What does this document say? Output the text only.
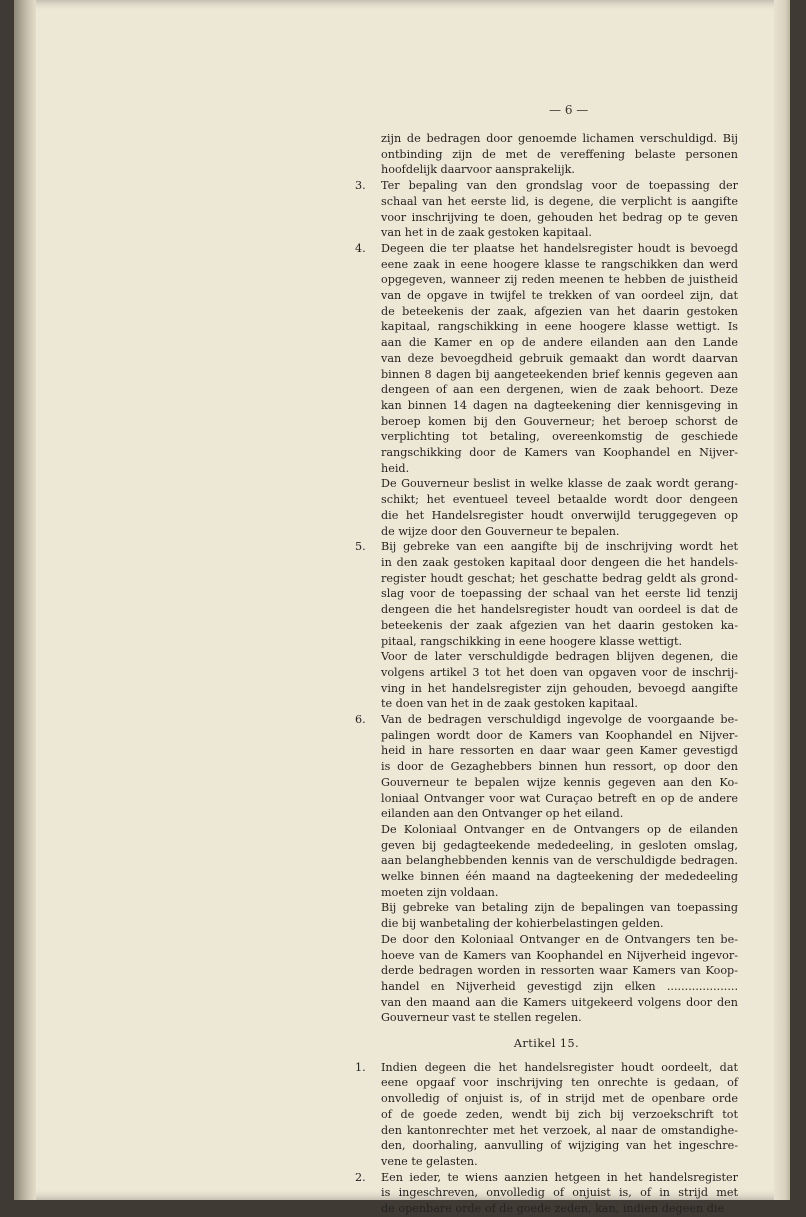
— 6 —
zijn de bedragen door genoemde lichamen verschuldigd. Bij
ontbinding zijn de met de vereffening belaste personen
hoofdelijk daarvoor aansprakelijk.
3. Ter bepaling van den grondslag voor de toepassing der
schaal van het eerste lid, is degene, die verplicht is aangifte
voor inschrijving te doen, gehouden het bedrag op te geven
van het in de zaak gestoken kapitaal.
4. Degeen die ter plaatse het handelsregister houdt is bevoegd
eene zaak in eene hoogere klasse te rangschikken dan werd
opgegeven, wanneer zij reden meenen te hebben de juistheid
van de opgave in twijfel te trekken of van oordeel zijn, dat
de beteekenis der zaak, afgezien van het daarin gestoken
kapitaal, rangschikking in eene hoogere klasse wettigt. Is
aan die Kamer en op de andere eilanden aan den Lande
van deze bevoegdheid gebruik gemaakt dan wordt daarvan
binnen 8 dagen bij aangeteekenden brief kennis gegeven aan
dengeen of aan een dergenen, wien de zaak behoort. Deze
kan binnen 14 dagen na dagteekening dier kennisgeving in
beroep komen bij den Gouverneur; het beroep schorst de
verplichting tot betaling, overeenkomstig de geschiede
rangschikking door de Kamers van Koophandel en Nijver-
heid.
De Gouverneur beslist in welke klasse de zaak wordt gerang-
schikt; het eventueel teveel betaalde wordt door dengeen
die het Handelsregister houdt onverwijld teruggegeven op
de wijze door den Gouverneur te bepalen.
5. Bij gebreke van een aangifte bij de inschrijving wordt het
in den zaak gestoken kapitaal door dengeen die het handels-
register houdt geschat; het geschatte bedrag geldt als grond-
slag voor de toepassing der schaal van het eerste lid tenzij
dengeen die het handelsregister houdt van oordeel is dat de
beteekenis der zaak afgezien van het daarin gestoken ka-
pitaal, rangschikking in eene hoogere klasse wettigt.
Voor de later verschuldigde bedragen blijven degenen, die
volgens artikel 3 tot het doen van opgaven voor de inschrij-
ving in het handelsregister zijn gehouden, bevoegd aangifte
te doen van het in de zaak gestoken kapitaal.
6. Van de bedragen verschuldigd ingevolge de voorgaande be-
palingen wordt door de Kamers van Koophandel en Nijver-
heid in hare ressorten en daar waar geen Kamer gevestigd
is door de Gezaghebbers binnen hun ressort, op door den
Gouverneur te bepalen wijze kennis gegeven aan den Ko-
loniaal Ontvanger voor wat Curaçao betreft en op de andere
eilanden aan den Ontvanger op het eiland.
De Koloniaal Ontvanger en de Ontvangers op de eilanden
geven bij gedagteekende mededeeling, in gesloten omslag,
aan belanghebbenden kennis van de verschuldigde bedragen.
welke binnen één maand na dagteekening der mededeeling
moeten zijn voldaan.
Bij gebreke van betaling zijn de bepalingen van toepassing
die bij wanbetaling der kohierbelastingen gelden.
De door den Koloniaal Ontvanger en de Ontvangers ten be-
hoeve van de Kamers van Koophandel en Nijverheid ingevor-
derde bedragen worden in ressorten waar Kamers van Koop-
handel en Nijverheid gevestigd zijn elken ....................
van den maand aan die Kamers uitgekeerd volgens door den
Gouverneur vast te stellen regelen.
Artikel 15.
1. Indien degeen die het handelsregister houdt oordeelt, dat
eene opgaaf voor inschrijving ten onrechte is gedaan, of
onvolledig of onjuist is, of in strijd met de openbare orde
of de goede zeden, wendt bij zich bij verzoekschrift tot
den kantonrechter met het verzoek, al naar de omstandighe-
den, doorhaling, aanvulling of wijziging van het ingeschre-
vene te gelasten.
2. Een ieder, te wiens aanzien hetgeen in het handelsregister
is ingeschreven, onvolledig of onjuist is, of in strijd met
de openbare orde of de goede zeden, kan, indien degeen die
